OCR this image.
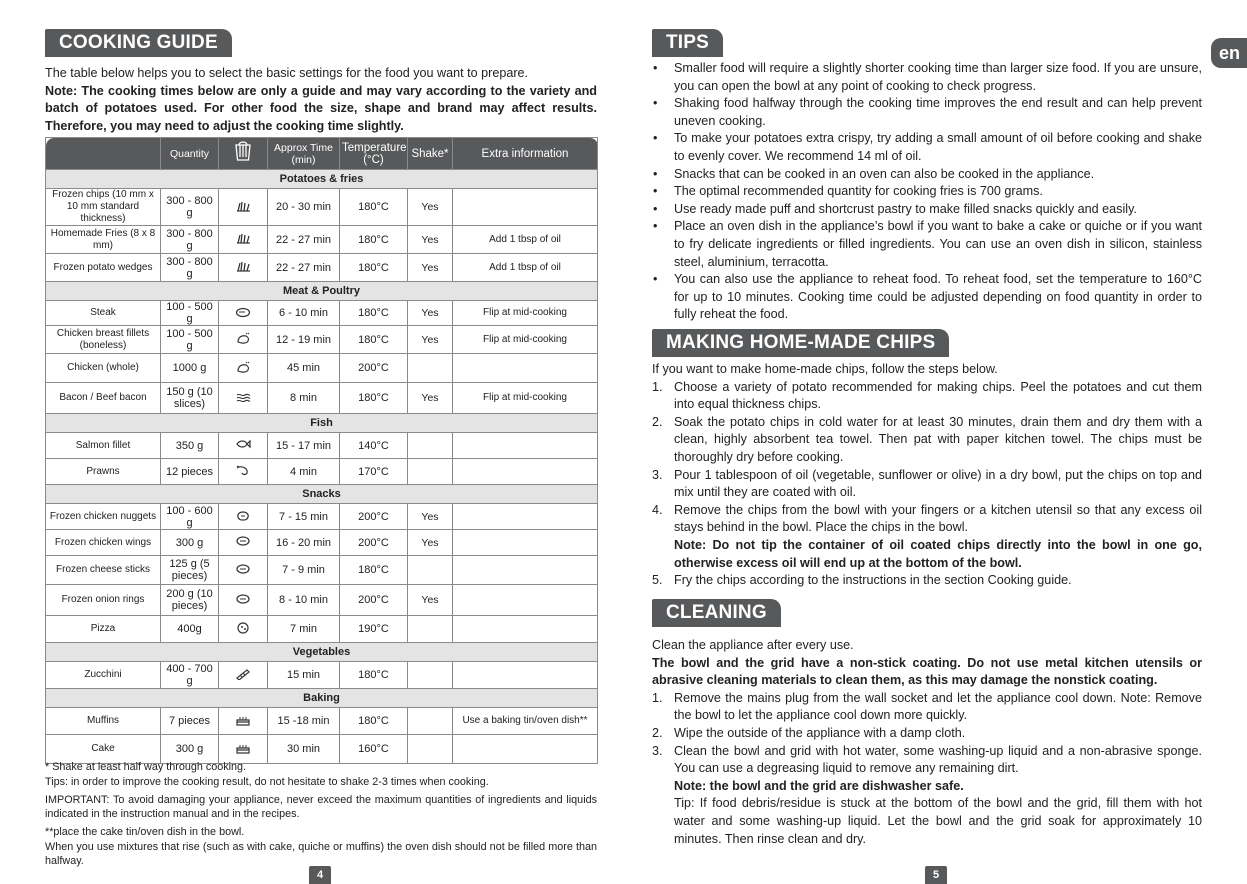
COOKING GUIDE

The table below helps you to select the basic settings for the food you want to prepare.

Note: The cooking times below are only a guide and may vary according to the variety and batch of potatoes used. For other food the size, shape and brand may affect results. Therefore, you may need to adjust the cooking time slightly.

	Quantity		Approx Time (min)	Temperature (°C)	Shake*	Extra information
Potatoes & fries						
Frozen chips (10 mm x 10 mm standard thickness)	300 - 800 g		20 - 30 min	180°C	Yes	
Homemade Fries (8 x 8 mm)	300 - 800 g		22 - 27 min	180°C	Yes	Add 1 tbsp of oil
Frozen potato wedges	300 - 800 g		22 - 27 min	180°C	Yes	Add 1 tbsp of oil
Meat & Poultry						
Steak	100 - 500 g		6 - 10 min	180°C	Yes	Flip at mid-cooking
Chicken breast fillets (boneless)	100 - 500 g		12 - 19 min	180°C	Yes	Flip at mid-cooking
Chicken (whole)	1000 g		45 min	200°C		
Bacon / Beef bacon	150 g (10 slices)		8 min	180°C	Yes	Flip at mid-cooking
Fish						
Salmon fillet	350 g		15 - 17 min	140°C		
Prawns	12 pieces		4 min	170°C		
Snacks						
Frozen chicken nuggets	100 - 600 g		7 - 15 min	200°C	Yes	
Frozen chicken wings	300 g		16 - 20 min	200°C	Yes	
Frozen cheese sticks	125 g (5 pieces)		7 - 9 min	180°C		
Frozen onion rings	200 g (10 pieces)		8 - 10 min	200°C	Yes	
Pizza	400g		7 min	190°C		
Vegetables						
Zucchini	400 - 700 g		15 min	180°C		
Baking						
Muffins	7 pieces		15 -18 min	180°C		Use a baking tin/oven dish**
Cake	300 g		30 min	160°C		

* Shake at least half way through cooking.

Tips: in order to improve the cooking result, do not hesitate to shake 2-3 times when cooking.

IMPORTANT: To avoid damaging your appliance, never exceed the maximum quantities of ingredients and liquids indicated in the instruction manual and in the recipes.

**place the cake tin/oven dish in the bowl.

When you use mixtures that rise (such as with cake, quiche or muffins) the oven dish should not be filled more than halfway.

4
en
TIPS
• Smaller food will require a slightly shorter cooking time than larger size food. If you are unsure, you can open the bowl at any point of cooking to check progress.
• Shaking food halfway through the cooking time improves the end result and can help prevent uneven cooking.
• To make your potatoes extra crispy, try adding a small amount of oil before cooking and shake to evenly cover. We recommend 14 ml of oil.
• Snacks that can be cooked in an oven can also be cooked in the appliance.
• The optimal recommended quantity for cooking fries is 700 grams.
• Use ready made puff and shortcrust pastry to make filled snacks quickly and easily.
• Place an oven dish in the appliance’s bowl if you want to bake a cake or quiche or if you want to fry delicate ingredients or filled ingredients. You can use an oven dish in silicon, stainless steel, aluminium, terracotta.
• You can also use the appliance to reheat food. To reheat food, set the temperature to 160°C for up to 10 minutes. Cooking time could be adjusted depending on food quantity in order to fully reheat the food.
MAKING HOME-MADE CHIPS

If you want to make home-made chips, follow the steps below.

1. Choose a variety of potato recommended for making chips. Peel the potatoes and cut them into equal thickness chips.
2. Soak the potato chips in cold water for at least 30 minutes, drain them and dry them with a clean, highly absorbent tea towel. Then pat with paper kitchen towel. The chips must be thoroughly dry before cooking.
3. Pour 1 tablespoon of oil (vegetable, sunflower or olive) in a dry bowl, put the chips on top and mix until they are coated with oil.
4. Remove the chips from the bowl with your fingers or a kitchen utensil so that any excess oil stays behind in the bowl. Place the chips in the bowl.
Note: Do not tip the container of oil coated chips directly into the bowl in one go, otherwise excess oil will end up at the bottom of the bowl.
5. Fry the chips according to the instructions in the section Cooking guide.
CLEANING

Clean the appliance after every use.

The bowl and the grid have a non-stick coating. Do not use metal kitchen utensils or abrasive cleaning materials to clean them, as this may damage the nonstick coating.

1. Remove the mains plug from the wall socket and let the appliance cool down. Note: Remove the bowl to let the appliance cool down more quickly.
2. Wipe the outside of the appliance with a damp cloth.
3. Clean the bowl and grid with hot water, some washing-up liquid and a non-abrasive sponge. You can use a degreasing liquid to remove any remaining dirt.
Note: the bowl and the grid are dishwasher safe.
Tip: If food debris/residue is stuck at the bottom of the bowl and the grid, fill them with hot water and some washing-up liquid. Let the bowl and the grid soak for approximately 10 minutes. Then rinse clean and dry.
5
